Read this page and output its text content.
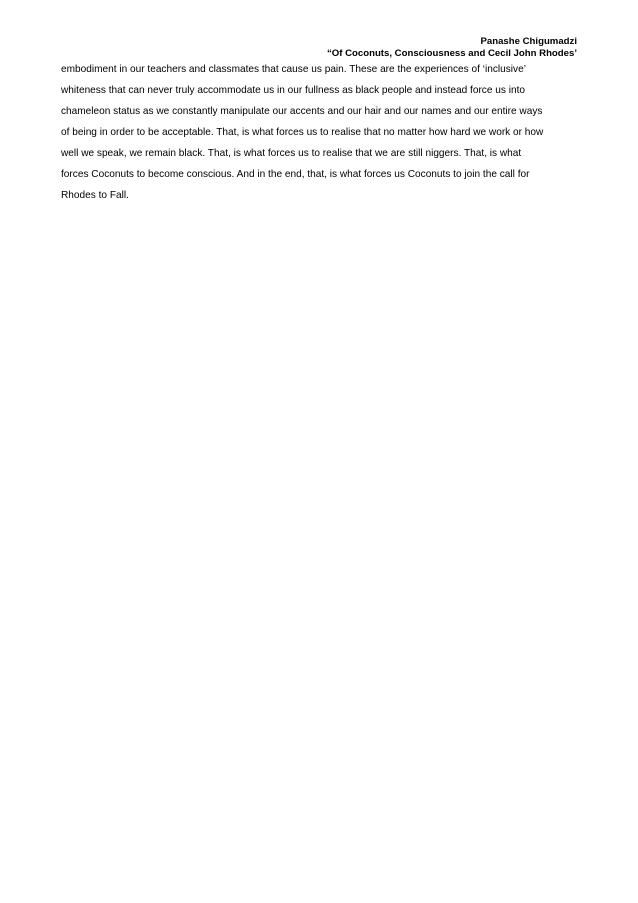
Panashe Chigumadzi
“Of Coconuts, Consciousness and Cecil John Rhodes’
embodiment in our teachers and classmates that cause us pain. These are the experiences of ‘inclusive’
whiteness that can never truly accommodate us in our fullness as black people and instead force us into
chameleon status as we constantly manipulate our accents and our hair and our names and our entire ways
of being in order to be acceptable. That, is what forces us to realise that no matter how hard we work or how
well we speak, we remain black. That, is what forces us to realise that we are still niggers. That, is what
forces Coconuts to become conscious. And in the end, that, is what forces us Coconuts to join the call for
Rhodes to Fall.
